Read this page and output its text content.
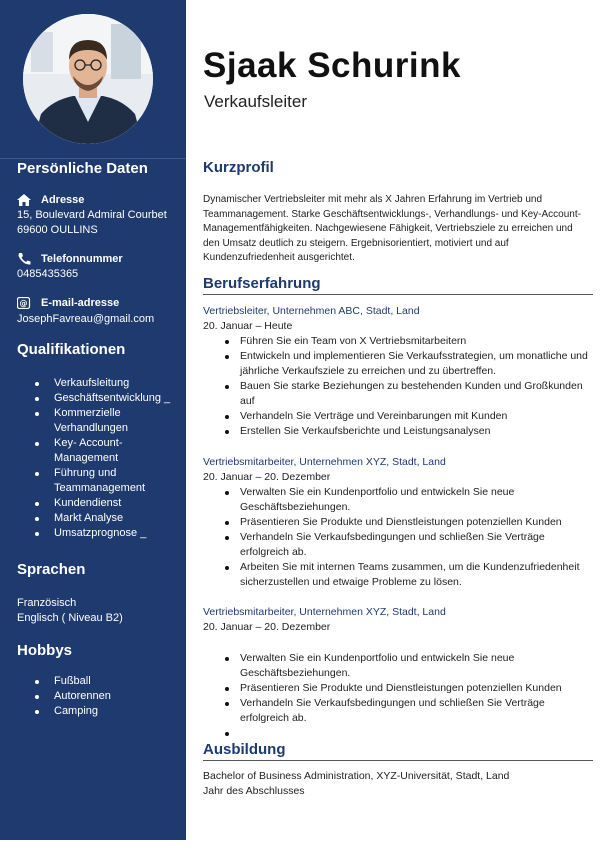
Persönliche Daten
Adresse
15, Boulevard Admiral Courbet
69600 OULLINS
Telefonnummer
0485435365
@ E-mail-adresse
JosephFavreau@gmail.com
Qualifikationen
Verkaufsleitung
Geschäftsentwicklung _
Kommerzielle Verhandlungen
Key- Account-Management
Führung und Teammanagement
Kundendienst
Markt Analyse
Umsatzprognose _
Sprachen
Französisch
Englisch ( Niveau B2)
Hobbys
Fußball
Autorennen
Camping
Sjaak Schurink
Verkaufsleiter
Kurzprofil
Dynamischer Vertriebsleiter mit mehr als X Jahren Erfahrung im Vertrieb und Teammanagement. Starke Geschäftsentwicklungs-, Verhandlungs- und Key-Account-Managementfähigkeiten. Nachgewiesene Fähigkeit, Vertriebsziele zu erreichen und den Umsatz deutlich zu steigern. Ergebnisorientiert, motiviert und auf Kundenzufriedenheit ausgerichtet.
Berufserfahrung
Vertriebsleiter, Unternehmen ABC, Stadt, Land
20. Januar – Heute
Führen Sie ein Team von X Vertriebsmitarbeitern
Entwickeln und implementieren Sie Verkaufsstrategien, um monatliche und jährliche Verkaufsziele zu erreichen und zu übertreffen.
Bauen Sie starke Beziehungen zu bestehenden Kunden und Großkunden auf
Verhandeln Sie Verträge und Vereinbarungen mit Kunden
Erstellen Sie Verkaufsberichte und Leistungsanalysen
Vertriebsmitarbeiter, Unternehmen XYZ, Stadt, Land
20. Januar – 20. Dezember
Verwalten Sie ein Kundenportfolio und entwickeln Sie neue Geschäftsbeziehungen.
Präsentieren Sie Produkte und Dienstleistungen potenziellen Kunden
Verhandeln Sie Verkaufsbedingungen und schließen Sie Verträge erfolgreich ab.
Arbeiten Sie mit internen Teams zusammen, um die Kundenzufriedenheit sicherzustellen und etwaige Probleme zu lösen.
Vertriebsmitarbeiter, Unternehmen XYZ, Stadt, Land
20. Januar – 20. Dezember
Verwalten Sie ein Kundenportfolio und entwickeln Sie neue Geschäftsbeziehungen.
Präsentieren Sie Produkte und Dienstleistungen potenziellen Kunden
Verhandeln Sie Verkaufsbedingungen und schließen Sie Verträge erfolgreich ab.
Ausbildung
Bachelor of Business Administration, XYZ-Universität, Stadt, Land
Jahr des Abschlusses
